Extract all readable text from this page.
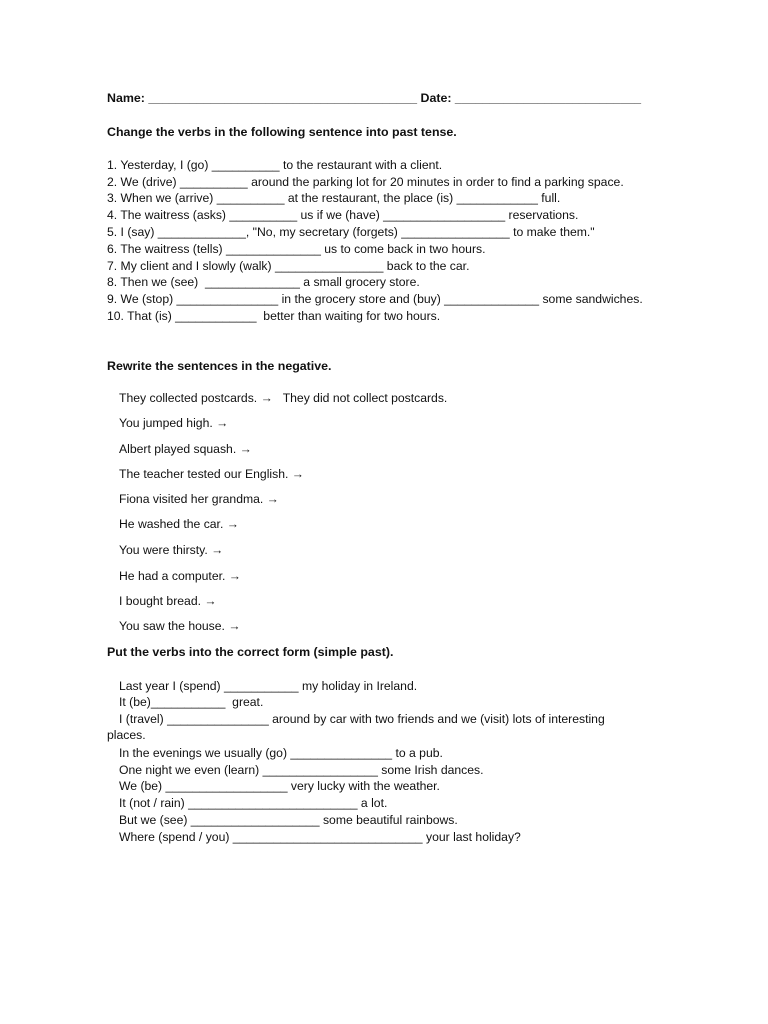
Name: _______________________________________ Date: ___________________________
Change the verbs in the following sentence into past tense.
1. Yesterday, I (go) __________ to the restaurant with a client.
2. We (drive) __________ around the parking lot for 20 minutes in order to find a parking space.
3. When we (arrive) __________ at the restaurant, the place (is) ____________ full.
4. The waitress (asks) __________ us if we (have) __________________ reservations.
5. I (say) _____________, "No, my secretary (forgets) ________________ to make them."
6. The waitress (tells) ______________ us to come back in two hours.
7. My client and I slowly (walk) ________________ back to the car.
8. Then we (see)  ______________ a small grocery store.
9. We (stop) _______________ in the grocery store and (buy) ______________ some sandwiches.
10. That (is) ____________  better than waiting for two hours.
Rewrite the sentences in the negative.
They collected postcards. →   They did not collect postcards.
You jumped high. →
Albert played squash. →
The teacher tested our English. →
Fiona visited her grandma. →
He washed the car. →
You were thirsty. →
He had a computer. →
I bought bread. →
You saw the house. →
Put the verbs into the correct form (simple past).
Last year I (spend) ___________ my holiday in Ireland.
It (be)___________  great.
I (travel) _______________ around by car with two friends and we (visit) lots of interesting
places.
In the evenings we usually (go) _______________ to a pub.
One night we even (learn) _________________ some Irish dances.
We (be) __________________ very lucky with the weather.
It (not / rain) _________________________ a lot.
But we (see) ___________________ some beautiful rainbows.
Where (spend / you) ____________________________ your last holiday?
